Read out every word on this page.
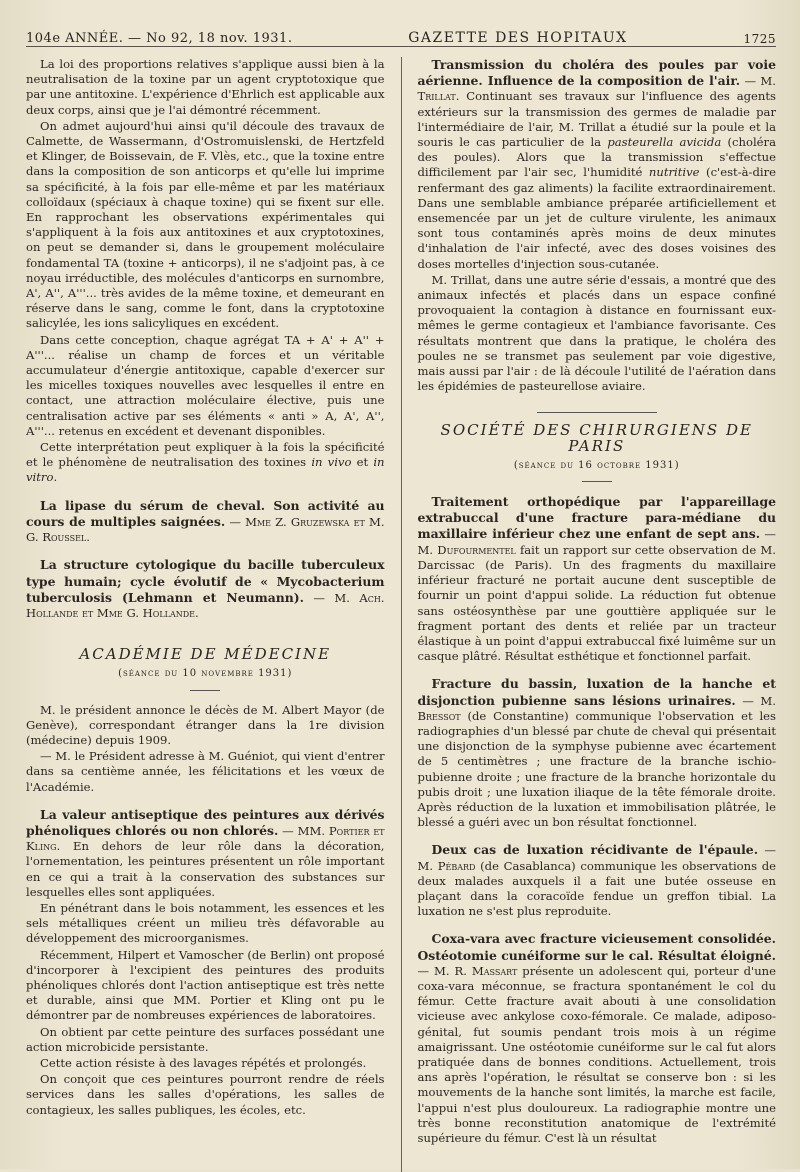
104e ANNÉE. — No 92, 18 nov. 1931.	GAZETTE DES HOPITAUX	1725

La loi des proportions relatives s'applique aussi bien à la neutralisation de la toxine par un agent cryptotoxique que par une antitoxine. L'expérience d'Ehrlich est applicable aux deux corps, ainsi que je l'ai démontré récemment.

On admet aujourd'hui ainsi qu'il découle des travaux de Calmette, de Wassermann, d'Ostromuislenski, de Hertzfeld et Klinger, de Boissevain, de F. Vlès, etc., que la toxine entre dans la composition de son anticorps et qu'elle lui imprime sa spécificité, à la fois par elle-même et par les matériaux colloïdaux (spéciaux à chaque toxine) qui se fixent sur elle. En rapprochant les observations expérimentales qui s'appliquent à la fois aux antitoxines et aux cryptotoxines, on peut se demander si, dans le groupement moléculaire fondamental TA (toxine + anticorps), il ne s'adjoint pas, à ce noyau irréductible, des molécules d'anticorps en surnombre, A', A'', A'''... très avides de la même toxine, et demeurant en réserve dans le sang, comme le font, dans la cryptotoxine salicylée, les ions salicyliques en excédent.

Dans cette conception, chaque agrégat TA + A' + A'' + A'''... réalise un champ de forces et un véritable accumulateur d'énergie antitoxique, capable d'exercer sur les micelles toxiques nouvelles avec lesquelles il entre en contact, une attraction moléculaire élective, puis une centralisation active par ses éléments « anti » A, A', A'', A'''... retenus en excédent et devenant disponibles.

Cette interprétation peut expliquer à la fois la spécificité et le phénomène de neutralisation des toxines in vivo et in vitro.

La lipase du sérum de cheval. Son activité au cours de multiples saignées. — Mme Z. Gruzewska et M. G. Roussel.

La structure cytologique du bacille tuberculeux type humain; cycle évolutif de « Mycobacterium tuberculosis (Lehmann et Neumann). — M. Ach. Hollande et Mme G. Hollande.

ACADÉMIE DE MÉDECINE
(séance du 10 novembre 1931)

M. le président annonce le décès de M. Albert Mayor (de Genève), correspondant étranger dans la 1re division (médecine) depuis 1909.

— M. le Président adresse à M. Guéniot, qui vient d'entrer dans sa centième année, les félicitations et les vœux de l'Académie.

La valeur antiseptique des peintures aux dérivés phénoliques chlorés ou non chlorés. — MM. Portier et Kling. En dehors de leur rôle dans la décoration, l'ornementation, les peintures présentent un rôle important en ce qui a trait à la conservation des substances sur lesquelles elles sont appliquées.

En pénétrant dans le bois notamment, les essences et les sels métalliques créent un milieu très défavorable au développement des microorganismes.

Récemment, Hilpert et Vamoscher (de Berlin) ont proposé d'incorporer à l'excipient des peintures des produits phénoliques chlorés dont l'action antiseptique est très nette et durable, ainsi que MM. Portier et Kling ont pu le démontrer par de nombreuses expériences de laboratoires.

On obtient par cette peinture des surfaces possédant une action microbicide persistante.

Cette action résiste à des lavages répétés et prolongés.

On conçoit que ces peintures pourront rendre de réels services dans les salles d'opérations, les salles de contagieux, les salles publiques, les écoles, etc.

Transmission du choléra des poules par voie aérienne. Influence de la composition de l'air. — M. Trillat. Continuant ses travaux sur l'influence des agents extérieurs sur la transmission des germes de maladie par l'intermédiaire de l'air, M. Trillat a étudié sur la poule et la souris le cas particulier de la pasteurella avicida (choléra des poules). Alors que la transmission s'effectue difficilement par l'air sec, l'humidité nutritive (c'est-à-dire renfermant des gaz aliments) la facilite extraordinairement. Dans une semblable ambiance préparée artificiellement et ensemencée par un jet de culture virulente, les animaux sont tous contaminés après moins de deux minutes d'inhalation de l'air infecté, avec des doses voisines des doses mortelles d'injection sous-cutanée.

M. Trillat, dans une autre série d'essais, a montré que des animaux infectés et placés dans un espace confiné provoquaient la contagion à distance en fournissant eux-mêmes le germe contagieux et l'ambiance favorisante. Ces résultats montrent que dans la pratique, le choléra des poules ne se transmet pas seulement par voie digestive, mais aussi par l'air : de là découle l'utilité de l'aération dans les épidémies de pasteurellose aviaire.

SOCIÉTÉ DES CHIRURGIENS DE PARIS
(séance du 16 octobre 1931)

Traitement orthopédique par l'appareillage extrabuccal d'une fracture para-médiane du maxillaire inférieur chez une enfant de sept ans. — M. Dufourmentel fait un rapport sur cette observation de M. Darcissac (de Paris). Un des fragments du maxillaire inférieur fracturé ne portait aucune dent susceptible de fournir un point d'appui solide. La réduction fut obtenue sans ostéosynthèse par une gouttière appliquée sur le fragment portant des dents et reliée par un tracteur élastique à un point d'appui extrabuccal fixé luimême sur un casque plâtré. Résultat esthétique et fonctionnel parfait.

Fracture du bassin, luxation de la hanche et disjonction pubienne sans lésions urinaires. — M. Bressot (de Constantine) communique l'observation et les radiographies d'un blessé par chute de cheval qui présentait une disjonction de la symphyse pubienne avec écartement de 5 centimètres ; une fracture de la branche ischio-pubienne droite ; une fracture de la branche horizontale du pubis droit ; une luxation iliaque de la tête fémorale droite. Après réduction de la luxation et immobilisation plâtrée, le blessé a guéri avec un bon résultat fonctionnel.

Deux cas de luxation récidivante de l'épaule. — M. Pébard (de Casablanca) communique les observations de deux malades auxquels il a fait une butée osseuse en plaçant dans la coracoïde fendue un greffon tibial. La luxation ne s'est plus reproduite.

Coxa-vara avec fracture vicieusement consolidée. Ostéotomie cunéiforme sur le cal. Résultat éloigné. — M. R. Massart présente un adolescent qui, porteur d'une coxa-vara méconnue, se fractura spontanément le col du fémur. Cette fracture avait abouti à une consolidation vicieuse avec ankylose coxo-fémorale. Ce malade, adiposo-génital, fut soumis pendant trois mois à un régime amaigrissant. Une ostéotomie cunéiforme sur le cal fut alors pratiquée dans de bonnes conditions. Actuellement, trois ans après l'opération, le résultat se conserve bon : si les mouvements de la hanche sont limités, la marche est facile, l'appui n'est plus douloureux. La radiographie montre une très bonne reconstitution anatomique de l'extrémité supérieure du fémur. C'est là un résultat
